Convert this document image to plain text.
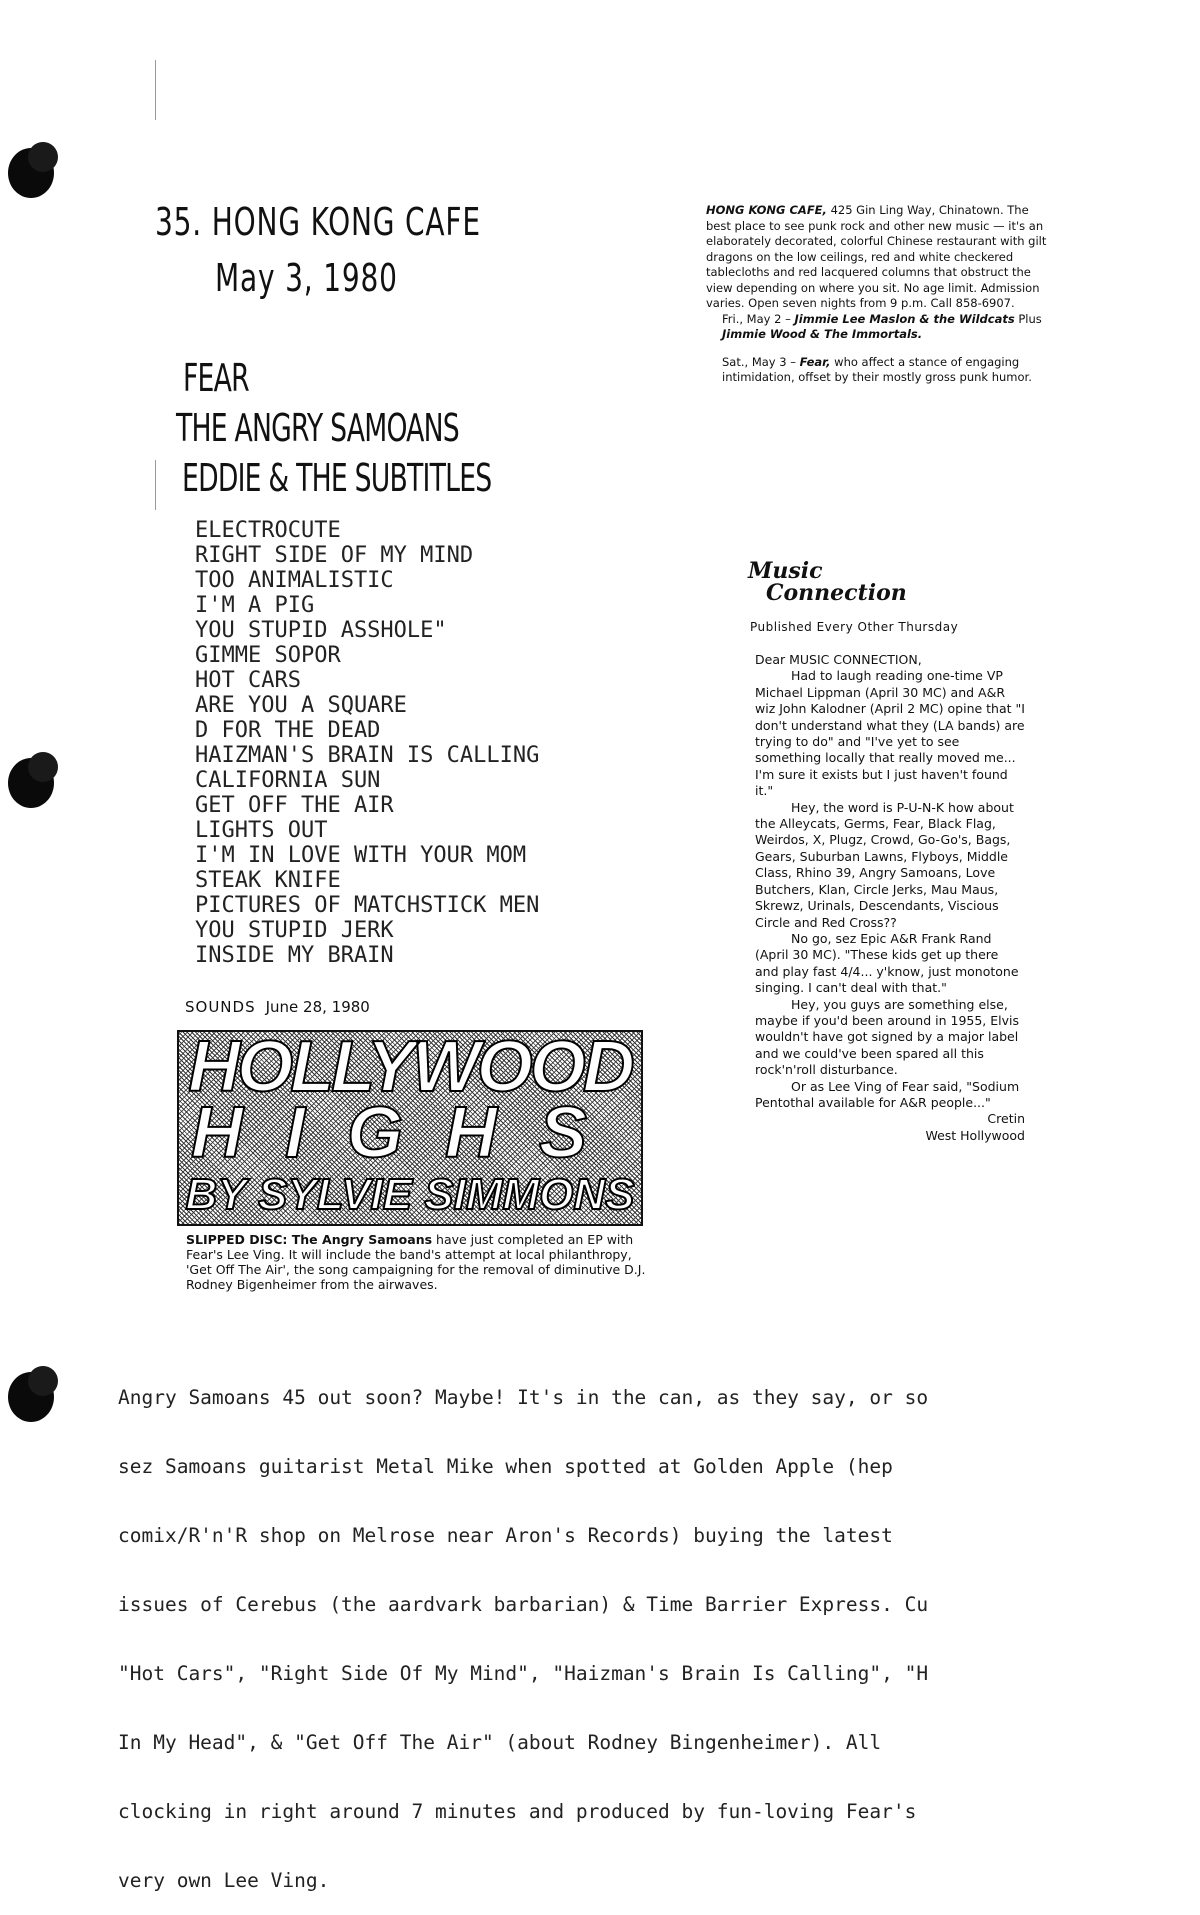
35. HONG KONG CAFE
May 3, 1980
FEAR
THE ANGRY SAMOANS
EDDIE & THE SUBTITLES
ELECTROCUTE
RIGHT SIDE OF MY MIND
TOO ANIMALISTIC
I'M A PIG
YOU STUPID ASSHOLE"
GIMME SOPOR
HOT CARS
ARE YOU A SQUARE
D FOR THE DEAD
HAIZMAN'S BRAIN IS CALLING
CALIFORNIA SUN
GET OFF THE AIR
LIGHTS OUT
I'M IN LOVE WITH YOUR MOM
STEAK KNIFE
PICTURES OF MATCHSTICK MEN
YOU STUPID JERK
INSIDE MY BRAIN
SOUNDS June 28, 1980
HOLLYWOOD
HIGHS
BY SYLVIE SIMMONS
SLIPPED DISC: The Angry Samoans have just completed an EP with Fear's Lee Ving. It will include the band's attempt at local philanthropy, 'Get Off The Air', the song campaigning for the removal of diminutive D.J. Rodney Bigenheimer from the airwaves.
HONG KONG CAFE, 425 Gin Ling Way, Chinatown. The best place to see punk rock and other new music — it's an elaborately decorated, colorful Chinese restaurant with gilt dragons on the low ceilings, red and white checkered tablecloths and red lacquered columns that obstruct the view depending on where you sit. No age limit. Admission varies. Open seven nights from 9 p.m. Call 858-6907.
Fri., May 2 – Jimmie Lee Maslon & the Wildcats Plus Jimmie Wood & The Immortals.
Sat., May 3 – Fear, who affect a stance of engaging intimidation, offset by their mostly gross punk humor.
Music
Connection
Published Every Other Thursday

Dear MUSIC CONNECTION,

Had to laugh reading one-time VP Michael Lippman (April 30 MC) and A&R wiz John Kalodner (April 2 MC) opine that "I don't understand what they (LA bands) are trying to do" and "I've yet to see something locally that really moved me... I'm sure it exists but I just haven't found it."

Hey, the word is P-U-N-K how about the Alleycats, Germs, Fear, Black Flag, Weirdos, X, Plugz, Crowd, Go-Go's, Bags, Gears, Suburban Lawns, Flyboys, Middle Class, Rhino 39, Angry Samoans, Love Butchers, Klan, Circle Jerks, Mau Maus, Skrewz, Urinals, Descendants, Viscious Circle and Red Cross??

No go, sez Epic A&R Frank Rand (April 30 MC). "These kids get up there and play fast 4/4... y'know, just monotone singing. I can't deal with that."

Hey, you guys are something else, maybe if you'd been around in 1955, Elvis wouldn't have got signed by a major label and we could've been spared all this rock'n'roll disturbance.

Or as Lee Ving of Fear said, "Sodium Pentothal available for A&R people..."

Cretin

West Hollywood

Angry Samoans 45 out soon? Maybe! It's in the can, as they say, or so

sez Samoans guitarist Metal Mike when spotted at Golden Apple (hep

comix/R'n'R shop on Melrose near Aron's Records) buying the latest

issues of Cerebus (the aardvark barbarian) & Time Barrier Express. Cu

"Hot Cars", "Right Side Of My Mind", "Haizman's Brain Is Calling", "H

In My Head", & "Get Off The Air" (about Rodney Bingenheimer). All

clocking in right around 7 minutes and produced by fun-loving Fear's

very own Lee Ving.
